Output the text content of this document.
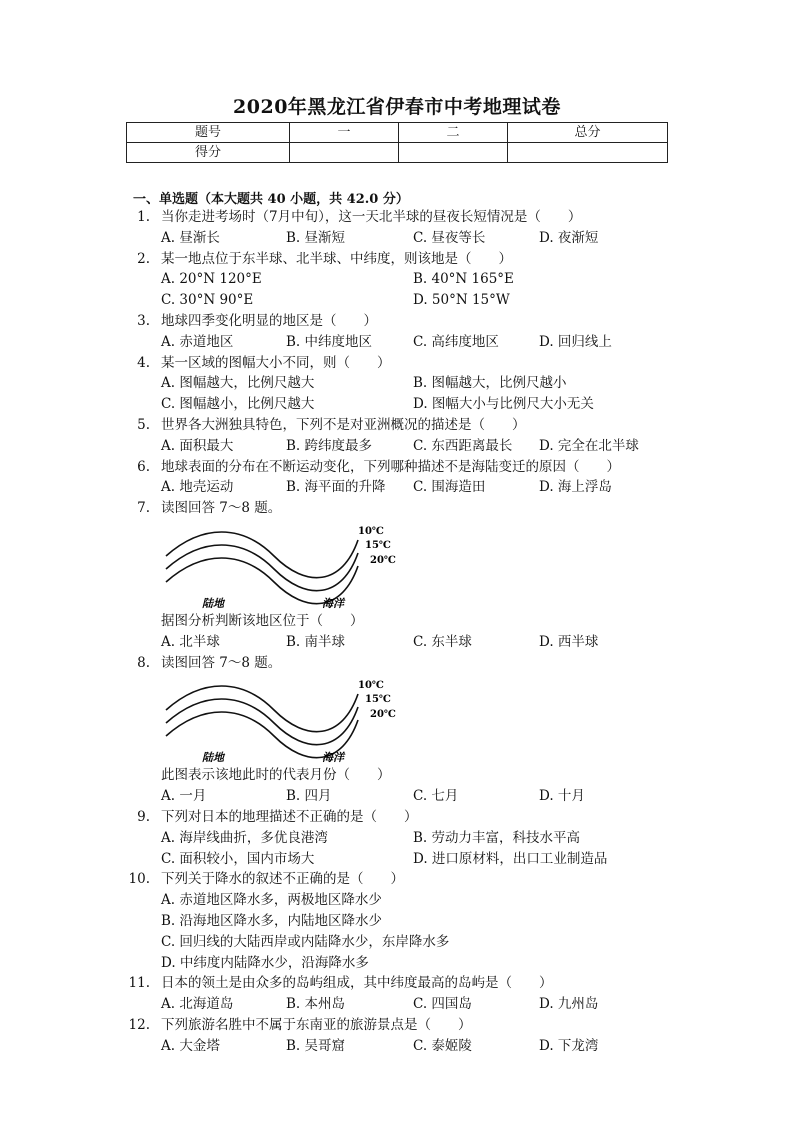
2020年黑龙江省伊春市中考地理试卷
题号	一	二	总分
得分			
一、单选题（本大题共 40 小题，共 42.0 分）
1. 当你走进考场时（7月中旬），这一天北半球的昼夜长短情况是（　　）
A. 昼渐长	B. 昼渐短	C. 昼夜等长	D. 夜渐短
2. 某一地点位于东半球、北半球、中纬度，则该地是（　　）
A. 20°N 120°E	B. 40°N 165°E
C. 30°N 90°E	D. 50°N 15°W
3. 地球四季变化明显的地区是（　　）
A. 赤道地区	B. 中纬度地区	C. 高纬度地区	D. 回归线上
4. 某一区域的图幅大小不同，则（　　）
A. 图幅越大，比例尺越大	B. 图幅越大，比例尺越小
C. 图幅越小，比例尺越大	D. 图幅大小与比例尺大小无关
5. 世界各大洲独具特色，下列不是对亚洲概况的描述是（　　）
A. 面积最大	B. 跨纬度最多	C. 东西距离最长 D. 完全在北半球
6. 地球表面的分布在不断运动变化，下列哪种描述不是海陆变迁的原因（　　）
A. 地壳运动	B. 海平面的升降 C. 围海造田	D. 海上浮岛
7. 读图回答 7～8 题。
10℃
15℃
20℃
陆地	海洋
据图分析判断该地区位于（　　）
A. 北半球	B. 南半球	C. 东半球	D. 西半球
8. 读图回答 7～8 题。
10℃
15℃
20℃
陆地	海洋
此图表示该地此时的代表月份（　　）
A. 一月	B. 四月	C. 七月	D. 十月
9. 下列对日本的地理描述不正确的是（　　）
A. 海岸线曲折，多优良港湾	B. 劳动力丰富，科技水平高
C. 面积较小，国内市场大	D. 进口原材料，出口工业制造品
10. 下列关于降水的叙述不正确的是（　　）
A. 赤道地区降水多，两极地区降水少
B. 沿海地区降水多，内陆地区降水少
C. 回归线的大陆西岸或内陆降水少，东岸降水多
D. 中纬度内陆降水少，沿海降水多
11. 日本的领土是由众多的岛屿组成，其中纬度最高的岛屿是（　　）
A. 北海道岛	B. 本州岛	C. 四国岛	D. 九州岛
12. 下列旅游名胜中不属于东南亚的旅游景点是（　　）
A. 大金塔	B. 吴哥窟	C. 泰姬陵	D. 下龙湾
